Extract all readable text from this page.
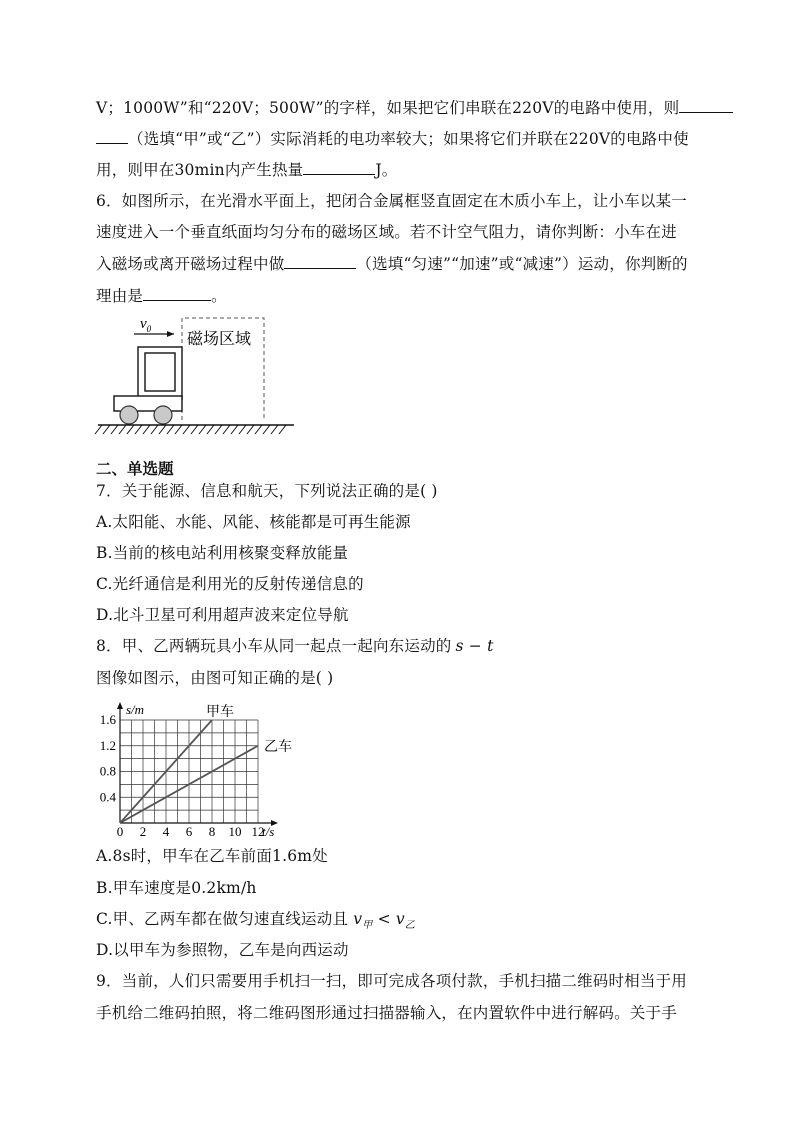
V；1000W”和“220V；500W”的字样，如果把它们串联在220V的电路中使用，则
（选填“甲”或“乙”）实际消耗的电功率较大；如果将它们并联在220V的电路中使
用，则甲在30min内产生热量	J。
6．如图所示，在光滑水平面上，把闭合金属框竖直固定在木质小车上，让小车以某一
速度进入一个垂直纸面均匀分布的磁场区域。若不计空气阻力，请你判断：小车在进
入磁场或离开磁场过程中做	（选填“匀速”“加速”或“减速”）运动，你判断的
理由是	。
$v_0$
磁场区域
二、单选题
7．关于能源、信息和航天，下列说法正确的是( )
A.太阳能、水能、风能、核能都是可再生能源
B.当前的核电站利用核聚变释放能量
C.光纤通信是利用光的反射传递信息的
D.北斗卫星可利用超声波来定位导航
8．甲、乙两辆玩具小车从同一起点一起向东运动的 s − t
图像如图示，由图可知正确的是( )
0 2 4 6 8 10 12
0.4
0.8
1.2
1.6
t/s
s/m	甲车
乙车
A.8s时，甲车在乙车前面1.6m处
B.甲车速度是0.2km/h
C.甲、乙两车都在做匀速直线运动且 $v_甲 < v_乙$
D.以甲车为参照物，乙车是向西运动
9．当前，人们只需要用手机扫一扫，即可完成各项付款，手机扫描二维码时相当于用
手机给二维码拍照，将二维码图形通过扫描器输入，在内置软件中进行解码。关于手
